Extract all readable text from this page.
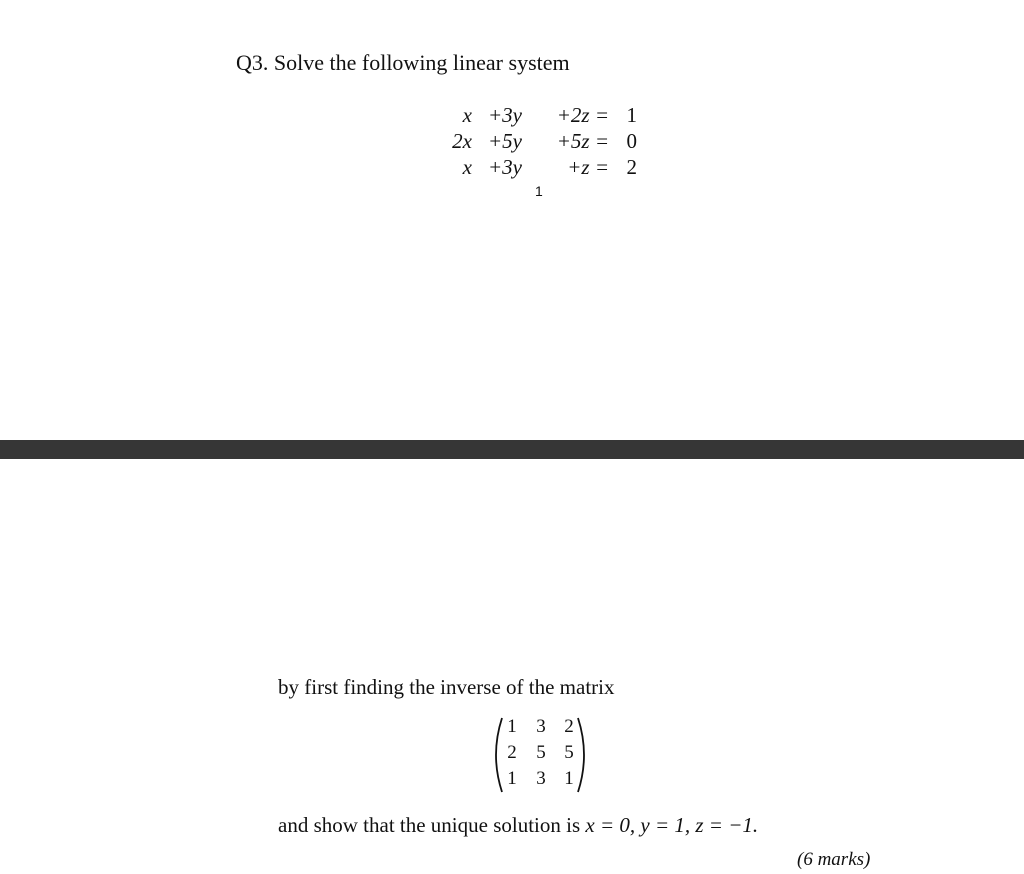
Q3. Solve the following linear system
x +3y	+2z = 1
2x +5y	+5z = 0
x +3y	+z = 2
1
by first finding the inverse of the matrix
1 3 2
2 5 5
1 3 1
and show that the unique solution is x = 0, y = 1, z = −1.
(6 marks)
